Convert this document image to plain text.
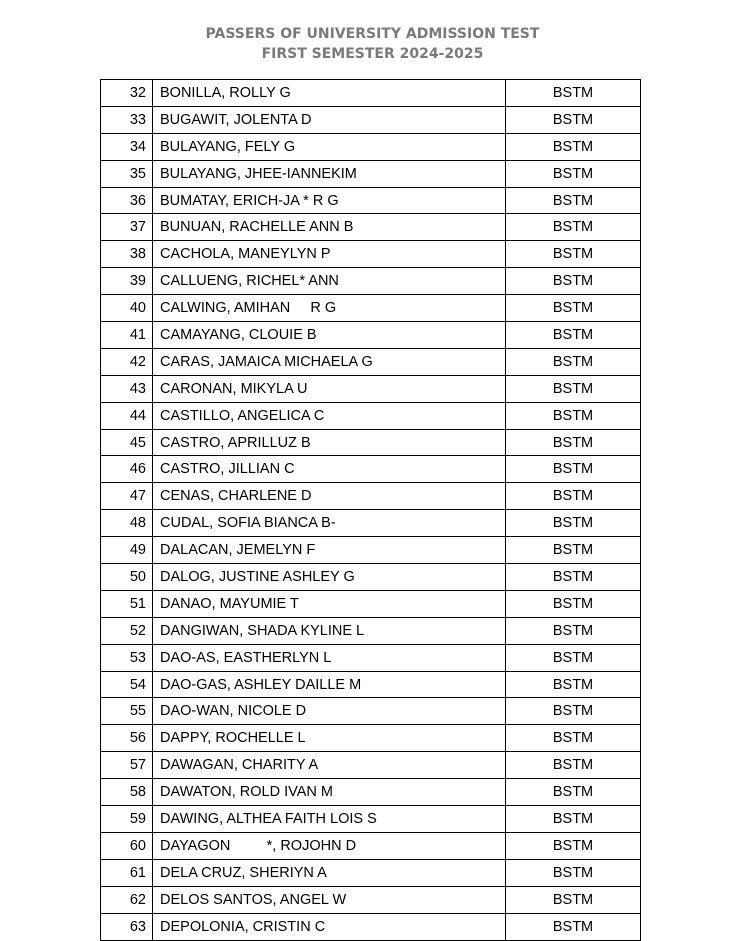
PASSERS OF UNIVERSITY ADMISSION TEST
FIRST SEMESTER 2024-2025
32	BONILLA, ROLLY G	BSTM
33	BUGAWIT, JOLENTA D	BSTM
34	BULAYANG, FELY G	BSTM
35	BULAYANG, JHEE-IANNEKIM	BSTM
36	BUMATAY, ERICH-JA * R G	BSTM
37	BUNUAN, RACHELLE ANN B	BSTM
38	CACHOLA, MANEYLYN P	BSTM
39	CALLUENG, RICHEL* ANN	BSTM
40	CALWING, AMIHAN     R G	BSTM
41	CAMAYANG, CLOUIE B	BSTM
42	CARAS, JAMAICA MICHAELA G	BSTM
43	CARONAN, MIKYLA U	BSTM
44	CASTILLO, ANGELICA C	BSTM
45	CASTRO, APRILLUZ B	BSTM
46	CASTRO, JILLIAN C	BSTM
47	CENAS, CHARLENE D	BSTM
48	CUDAL, SOFIA BIANCA B-	BSTM
49	DALACAN, JEMELYN F	BSTM
50	DALOG, JUSTINE ASHLEY G	BSTM
51	DANAO, MAYUMIE T	BSTM
52	DANGIWAN, SHADA KYLINE L	BSTM
53	DAO-AS, EASTHERLYN L	BSTM
54	DAO-GAS, ASHLEY DAILLE M	BSTM
55	DAO-WAN, NICOLE D	BSTM
56	DAPPY, ROCHELLE L	BSTM
57	DAWAGAN, CHARITY A	BSTM
58	DAWATON, ROLD IVAN M	BSTM
59	DAWING, ALTHEA FAITH LOIS S	BSTM
60	DAYAGON         *, ROJOHN D	BSTM
61	DELA CRUZ, SHERIYN A	BSTM
62	DELOS SANTOS, ANGEL W	BSTM
63	DEPOLONIA, CRISTIN C	BSTM
